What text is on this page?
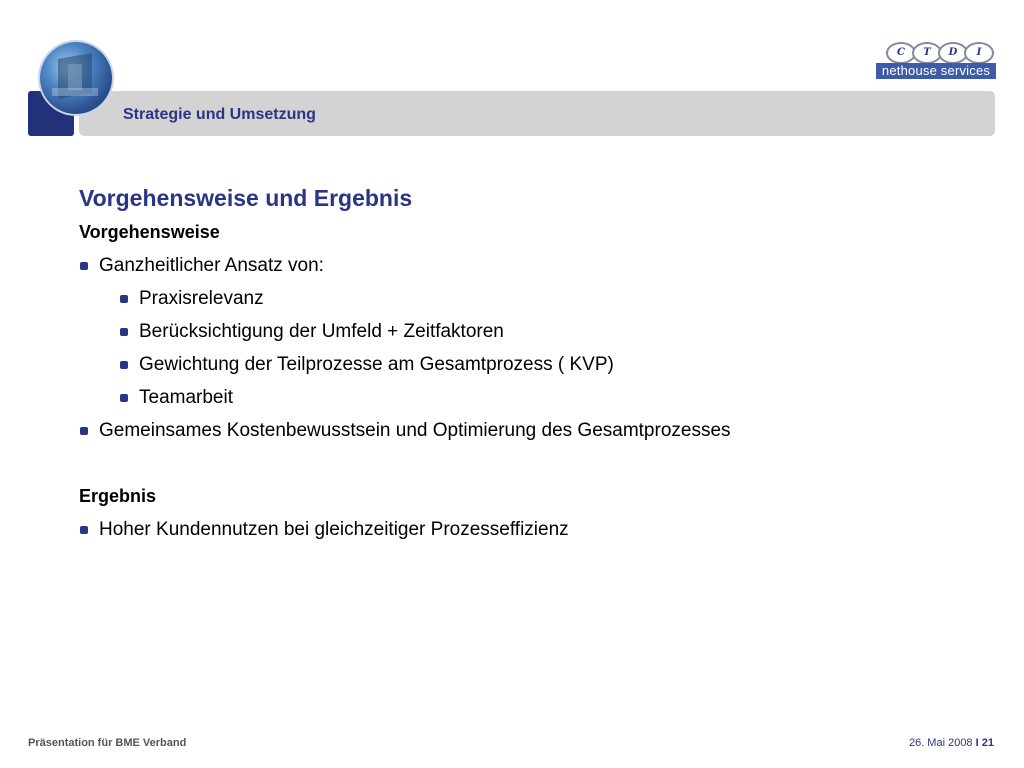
Strategie und Umsetzung
C	T	D	I
nethouse services
Vorgehensweise und Ergebnis
Vorgehensweise
Ganzheitlicher Ansatz von:
Praxisrelevanz
Berücksichtigung der Umfeld + Zeitfaktoren
Gewichtung der Teilprozesse am Gesamtprozess ( KVP)
Teamarbeit
Gemeinsames Kostenbewusstsein und Optimierung des Gesamtprozesses
Ergebnis
Hoher Kundennutzen bei gleichzeitiger Prozesseffizienz
Präsentation für BME Verband	26. Mai 2008 I 21
